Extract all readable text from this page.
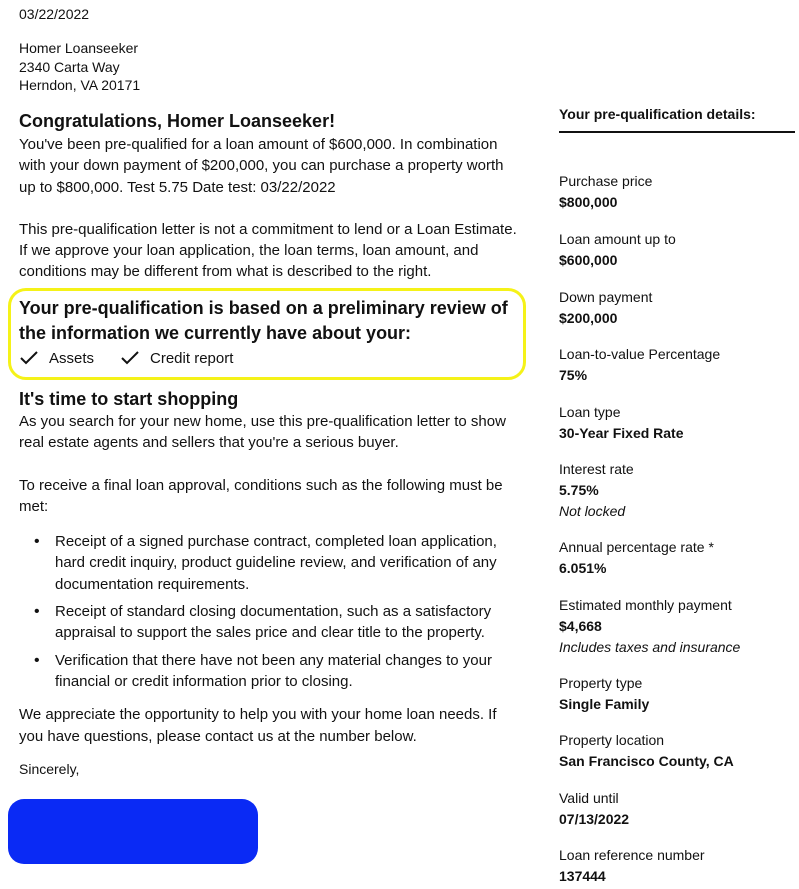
03/22/2022
Homer Loanseeker
2340 Carta Way
Herndon, VA 20171
Congratulations, Homer Loanseeker!

You've been pre-qualified for a loan amount of $600,000. In combination with your down payment of $200,000, you can purchase a property worth up to $800,000. Test 5.75 Date test: 03/22/2022

This pre-qualification letter is not a commitment to lend or a Loan Estimate. If we approve your loan application, the loan terms, loan amount, and conditions may be different from what is described to the right.

Your pre-qualification is based on a preliminary review of the information we currently have about your:
Assets	Credit report
It's time to start shopping

As you search for your new home, use this pre-qualification letter to show real estate agents and sellers that you're a serious buyer.

To receive a final loan approval, conditions such as the following must be met:

• Receipt of a signed purchase contract, completed loan application, hard credit inquiry, product guideline review, and verification of any documentation requirements.
• Receipt of standard closing documentation, such as a satisfactory appraisal to support the sales price and clear title to the property.
• Verification that there have not been any material changes to your financial or credit information prior to closing.

We appreciate the opportunity to help you with your home loan needs. If you have questions, please contact us at the number below.

Sincerely,
Your pre-qualification details:
Purchase price
$800,000
Loan amount up to
$600,000
Down payment
$200,000
Loan-to-value Percentage
75%
Loan type
30-Year Fixed Rate
Interest rate
5.75%
Not locked
Annual percentage rate *
6.051%
Estimated monthly payment
$4,668
Includes taxes and insurance
Property type
Single Family
Property location
San Francisco County, CA
Valid until
07/13/2022
Loan reference number
137444
